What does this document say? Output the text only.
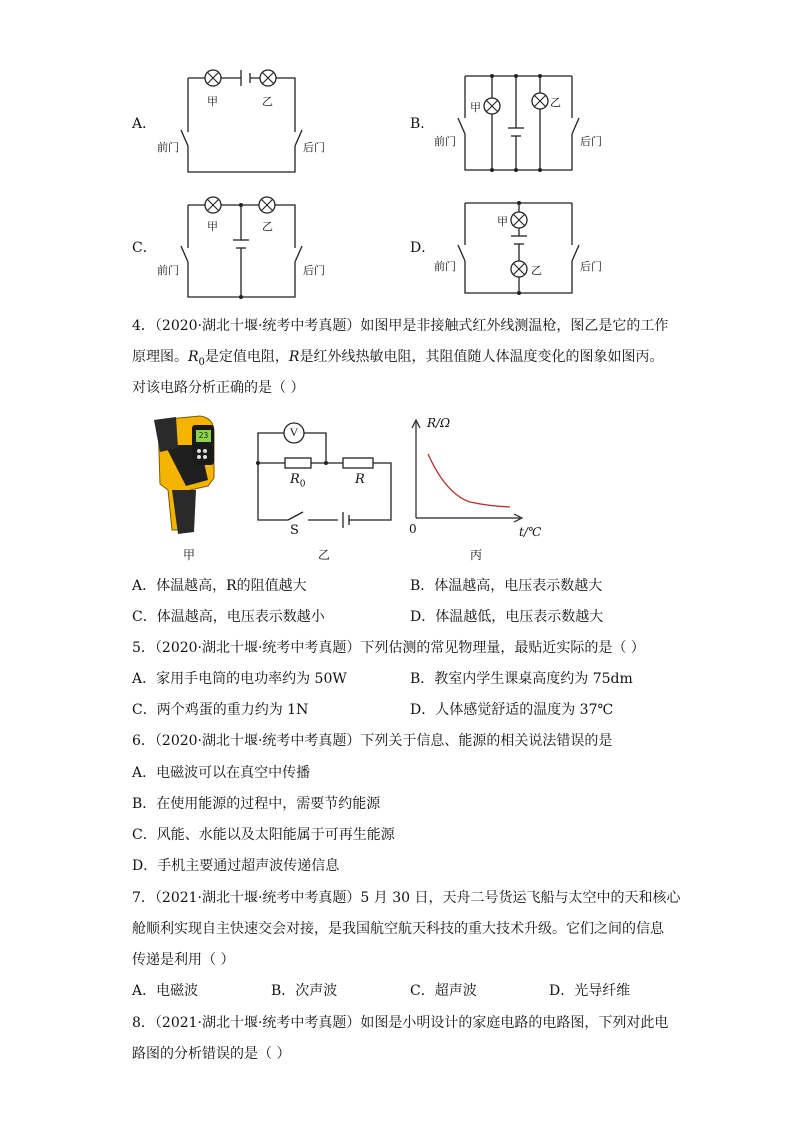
A．
甲	乙
前门	后门
B．
甲	乙
前门	后门
C．
甲	乙
前门	后门
D．
甲
乙
前门	后门
4．（2020·湖北十堰·统考中考真题）如图甲是非接触式红外线测温枪，图乙是它的工作
原理图。$R_0$是定值电阻，R是红外线热敏电阻，其阻值随人体温度变化的图象如图丙。
对该电路分析正确的是（ ）
23
甲
V
$R_0$	R
S
乙
R/Ω
t/℃
0
丙
A．体温越高，R的阻值越大	B．体温越高，电压表示数越大
C．体温越高，电压表示数越小	D．体温越低，电压表示数越大
5．（2020·湖北十堰·统考中考真题）下列估测的常见物理量，最贴近实际的是（ ）
A．家用手电筒的电功率约为 50W	B．教室内学生课桌高度约为 75dm
C．两个鸡蛋的重力约为 1N	D．人体感觉舒适的温度为 37℃
6．（2020·湖北十堰·统考中考真题）下列关于信息、能源的相关说法错误的是
A．电磁波可以在真空中传播
B．在使用能源的过程中，需要节约能源
C．风能、水能以及太阳能属于可再生能源
D．手机主要通过超声波传递信息
7．（2021·湖北十堰·统考中考真题）5 月 30 日，天舟二号货运飞船与太空中的天和核心
舱顺利实现自主快速交会对接，是我国航空航天科技的重大技术升级。它们之间的信息
传递是利用（ ）
A．电磁波	B．次声波	C．超声波	D．光导纤维
8．（2021·湖北十堰·统考中考真题）如图是小明设计的家庭电路的电路图，下列对此电
路图的分析错误的是（ ）
